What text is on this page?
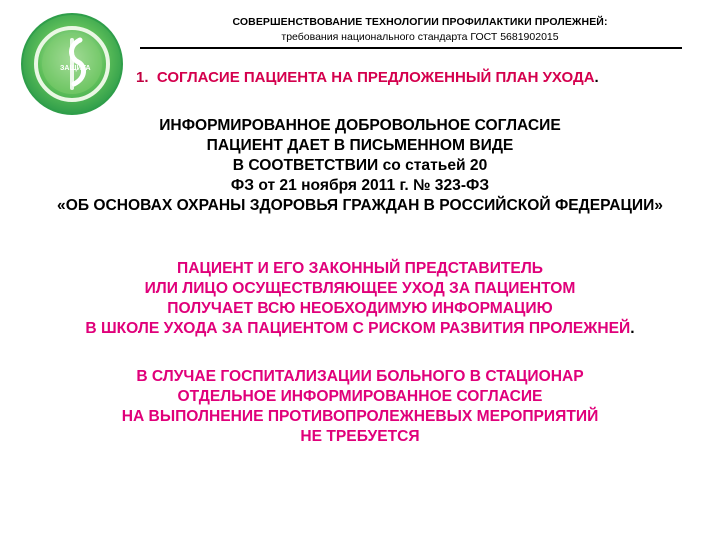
ЗАЩИТА
СОВЕРШЕНСТВОВАНИЕ ТЕХНОЛОГИИ ПРОФИЛАКТИКИ ПРОЛЕЖНЕЙ:
требования национального стандарта ГОСТ 5681902015
1. СОГЛАСИЕ ПАЦИЕНТА НА ПРЕДЛОЖЕННЫЙ ПЛАН УХОДА.
ИНФОРМИРОВАННОЕ ДОБРОВОЛЬНОЕ СОГЛАСИЕ
ПАЦИЕНТ ДАЕТ В ПИСЬМЕННОМ ВИДЕ
В СООТВЕТСТВИИ со статьей 20
ФЗ от 21 ноября 2011 г. № 323-ФЗ
«ОБ ОСНОВАХ ОХРАНЫ ЗДОРОВЬЯ ГРАЖДАН В РОССИЙСКОЙ ФЕДЕРАЦИИ»
ПАЦИЕНТ И ЕГО ЗАКОННЫЙ ПРЕДСТАВИТЕЛЬ
ИЛИ ЛИЦО ОСУЩЕСТВЛЯЮЩЕЕ УХОД ЗА ПАЦИЕНТОМ
ПОЛУЧАЕТ ВСЮ НЕОБХОДИМУЮ ИНФОРМАЦИЮ
В ШКОЛЕ УХОДА ЗА ПАЦИЕНТОМ С РИСКОМ РАЗВИТИЯ ПРОЛЕЖНЕЙ.
В СЛУЧАЕ ГОСПИТАЛИЗАЦИИ БОЛЬНОГО В СТАЦИОНАР
ОТДЕЛЬНОЕ ИНФОРМИРОВАННОЕ СОГЛАСИЕ
НА ВЫПОЛНЕНИЕ ПРОТИВОПРОЛЕЖНЕВЫХ МЕРОПРИЯТИЙ
НЕ ТРЕБУЕТСЯ
